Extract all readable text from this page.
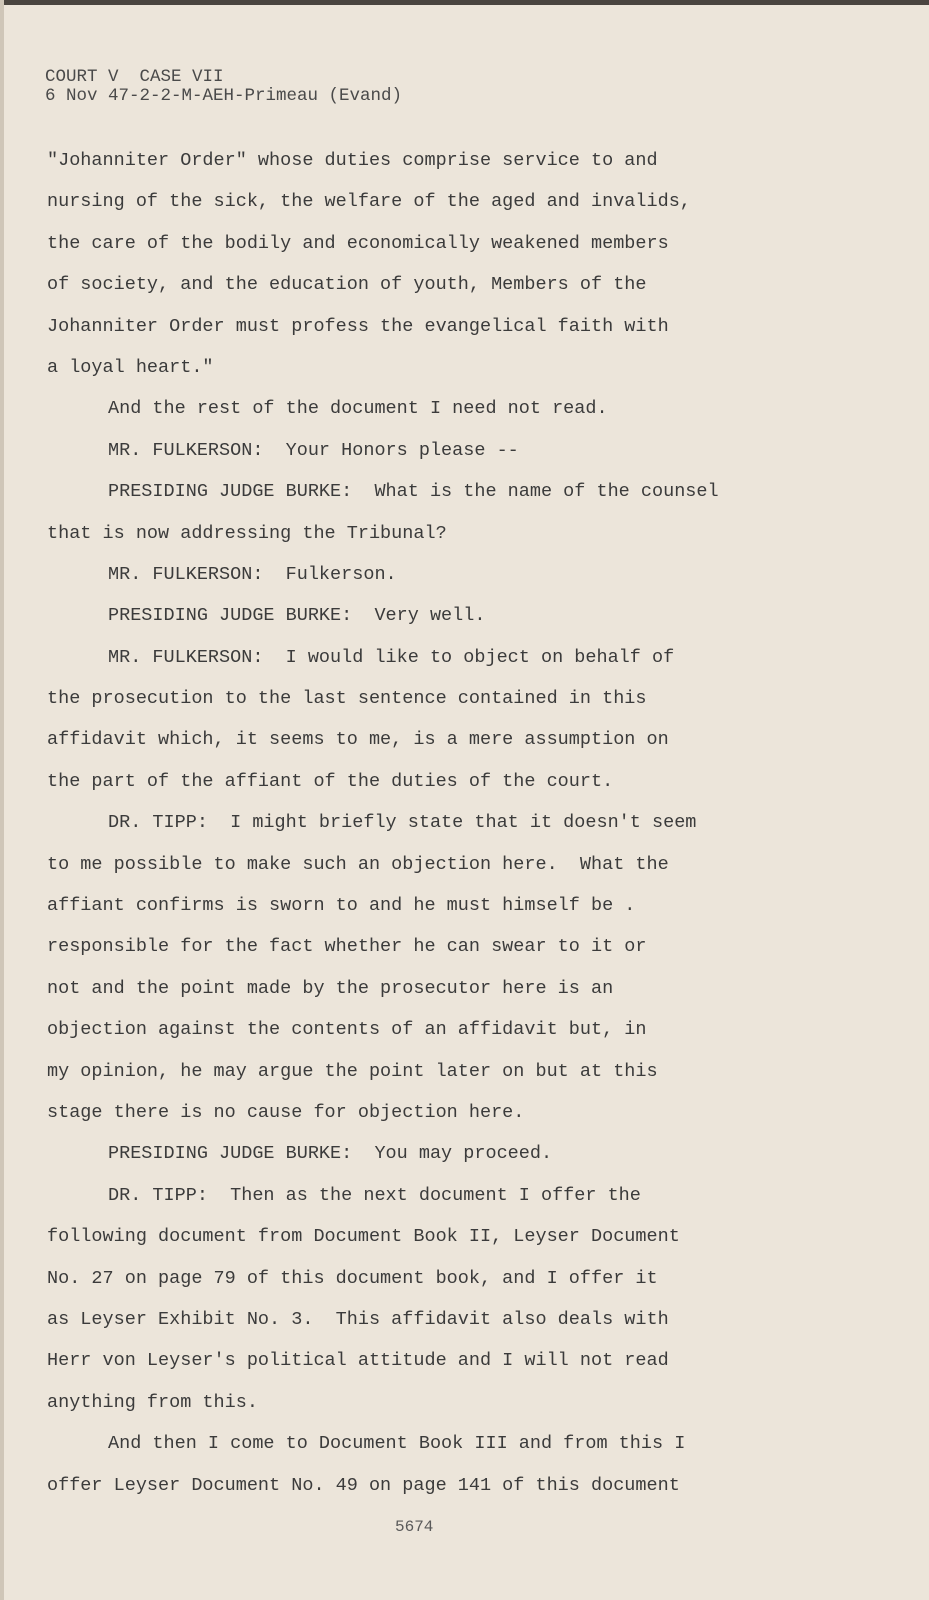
COURT V  CASE VII
6 Nov 47-2-2-M-AEH-Primeau (Evand)
"Johanniter Order" whose duties comprise service to and
nursing of the sick, the welfare of the aged and invalids,
the care of the bodily and economically weakened members
of society, and the education of youth, Members of the
Johanniter Order must profess the evangelical faith with
a loyal heart."
And the rest of the document I need not read.
MR. FULKERSON:  Your Honors please --
PRESIDING JUDGE BURKE:  What is the name of the counsel
that is now addressing the Tribunal?
MR. FULKERSON:  Fulkerson.
PRESIDING JUDGE BURKE:  Very well.
MR. FULKERSON:  I would like to object on behalf of
the prosecution to the last sentence contained in this
affidavit which, it seems to me, is a mere assumption on
the part of the affiant of the duties of the court.
DR. TIPP:  I might briefly state that it doesn't seem
to me possible to make such an objection here.  What the
affiant confirms is sworn to and he must himself be .
responsible for the fact whether he can swear to it or
not and the point made by the prosecutor here is an
objection against the contents of an affidavit but, in
my opinion, he may argue the point later on but at this
stage there is no cause for objection here.
PRESIDING JUDGE BURKE:  You may proceed.
DR. TIPP:  Then as the next document I offer the
following document from Document Book II, Leyser Document
No. 27 on page 79 of this document book, and I offer it
as Leyser Exhibit No. 3.  This affidavit also deals with
Herr von Leyser's political attitude and I will not read
anything from this.
And then I come to Document Book III and from this I
offer Leyser Document No. 49 on page 141 of this document
5674
